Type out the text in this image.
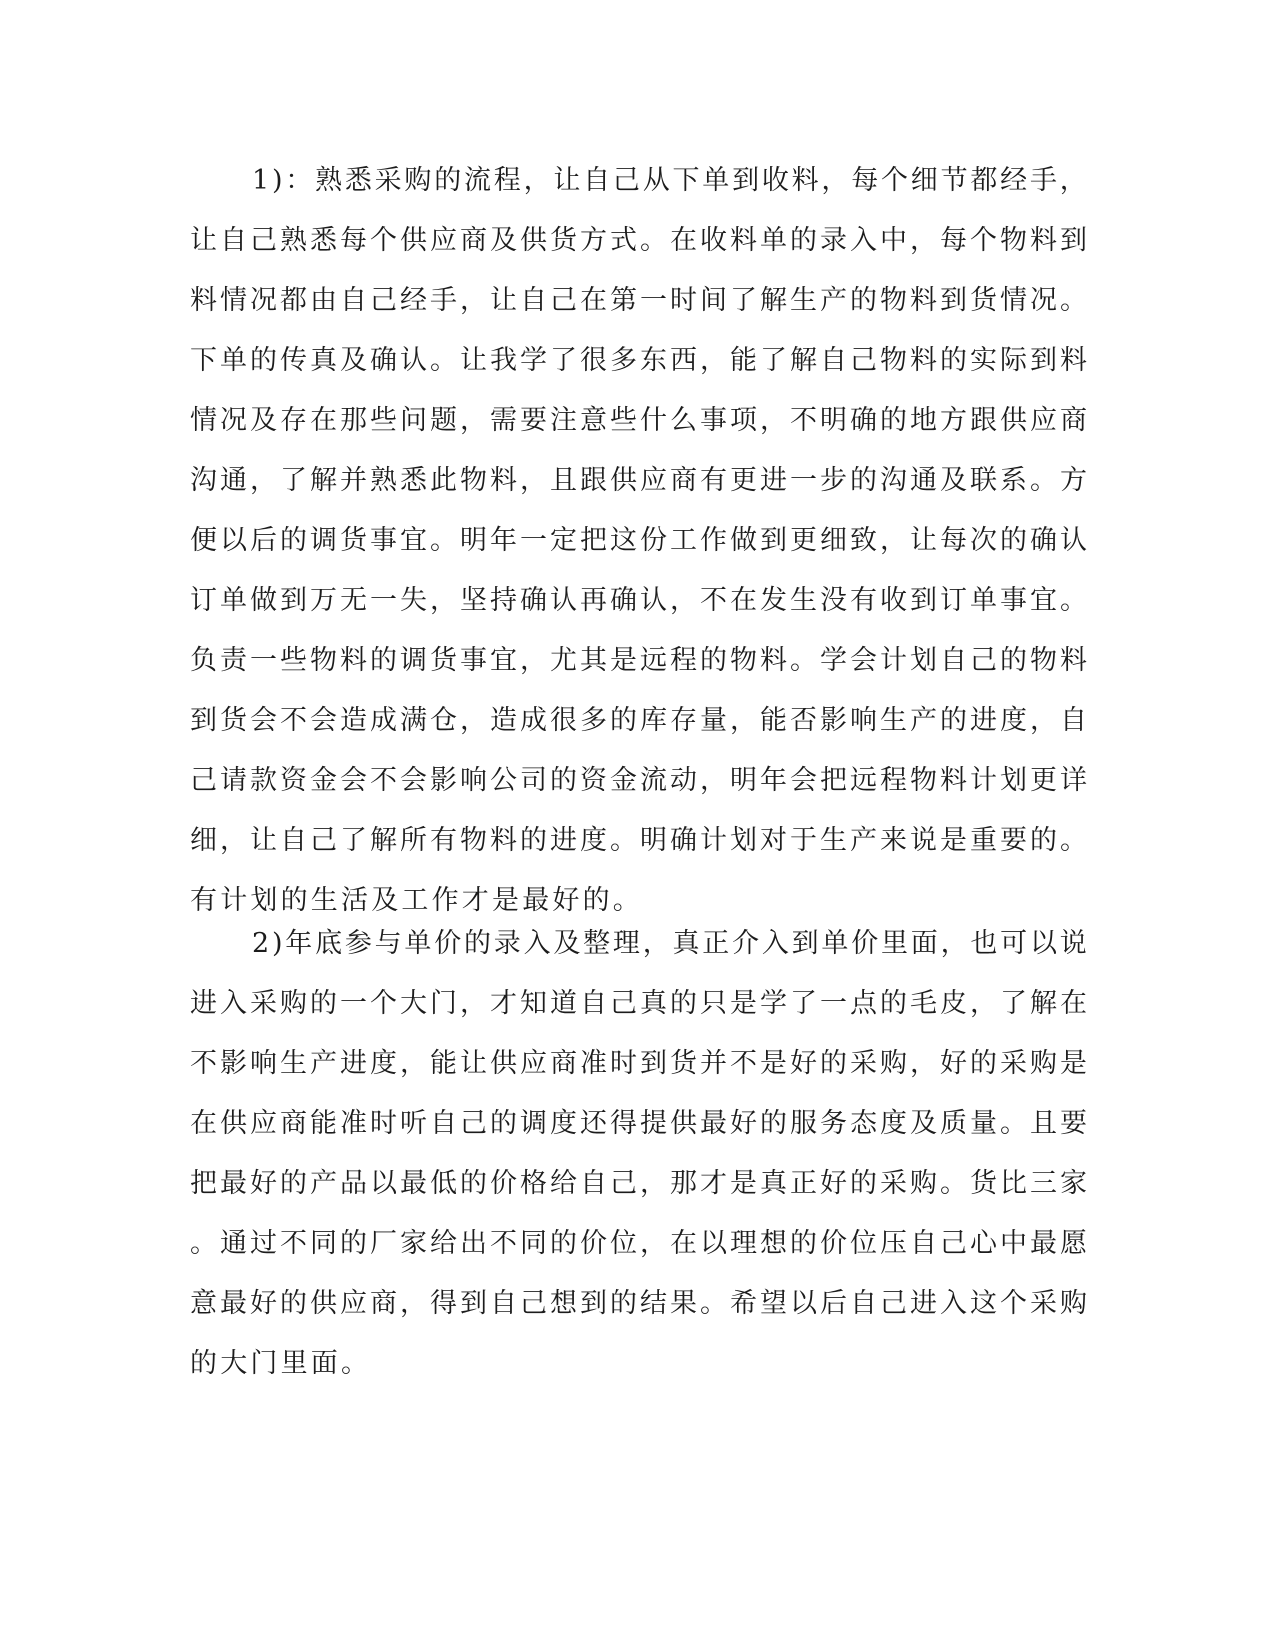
1)：熟悉采购的流程，让自己从下单到收料，每个细节都经手，
让自己熟悉每个供应商及供货方式。在收料单的录入中，每个物料到
料情况都由自己经手，让自己在第一时间了解生产的物料到货情况。
下单的传真及确认。让我学了很多东西，能了解自己物料的实际到料
情况及存在那些问题，需要注意些什么事项，不明确的地方跟供应商
沟通，了解并熟悉此物料，且跟供应商有更进一步的沟通及联系。方
便以后的调货事宜。明年一定把这份工作做到更细致，让每次的确认
订单做到万无一失，坚持确认再确认，不在发生没有收到订单事宜。
负责一些物料的调货事宜，尤其是远程的物料。学会计划自己的物料
到货会不会造成满仓，造成很多的库存量，能否影响生产的进度，自
己请款资金会不会影响公司的资金流动，明年会把远程物料计划更详
细，让自己了解所有物料的进度。明确计划对于生产来说是重要的。
有计划的生活及工作才是最好的。
2)年底参与单价的录入及整理，真正介入到单价里面，也可以说
进入采购的一个大门，才知道自己真的只是学了一点的毛皮，了解在
不影响生产进度，能让供应商准时到货并不是好的采购，好的采购是
在供应商能准时听自己的调度还得提供最好的服务态度及质量。且要
把最好的产品以最低的价格给自己，那才是真正好的采购。货比三家
。通过不同的厂家给出不同的价位，在以理想的价位压自己心中最愿
意最好的供应商，得到自己想到的结果。希望以后自己进入这个采购
的大门里面。
